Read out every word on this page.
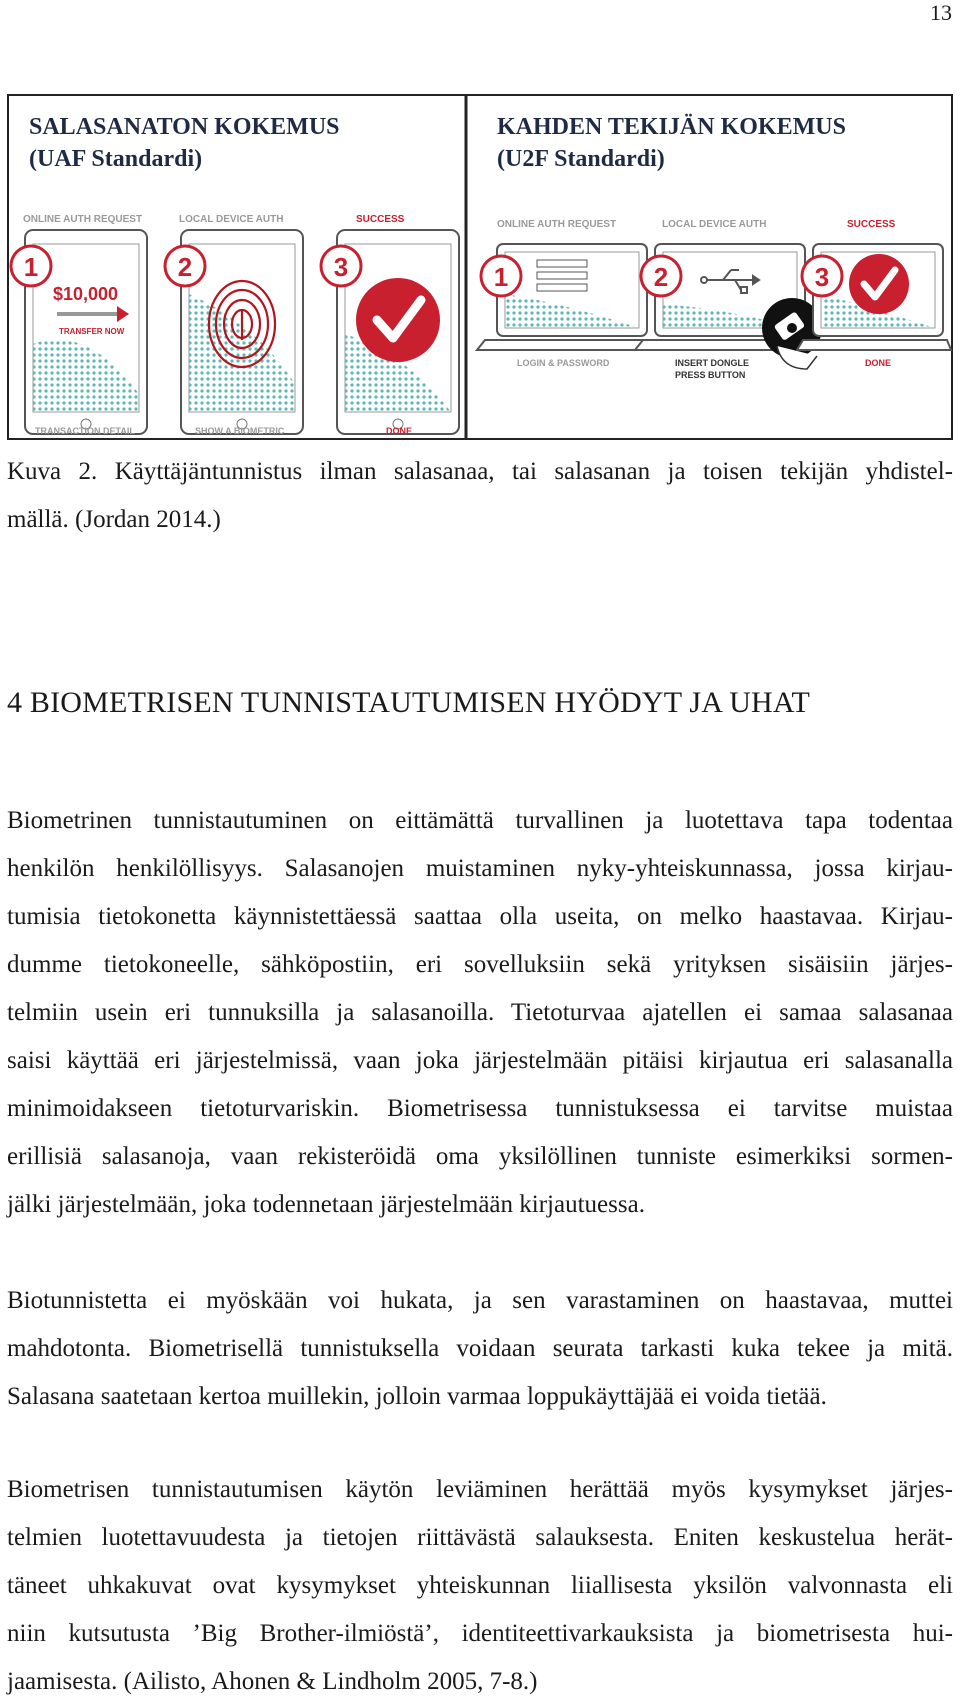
13
SALASANATON KOKEMUS
(UAF Standardi)
ONLINE AUTH REQUEST	LOCAL DEVICE AUTH	SUCCESS
$10,000
TRANSFER NOW
1	2	3
TRANSACTION DETAIL	SHOW A BIOMETRIC	DONE
KAHDEN TEKIJÄN KOKEMUS
(U2F Standardi)
ONLINE AUTH REQUEST	LOCAL DEVICE AUTH	SUCCESS
1	2	3
LOGIN & PASSWORD	INSERT DONGLE
PRESS BUTTON
DONE
Kuva 2. Käyttäjäntunnistus ilman salasanaa, tai salasanan ja toisen tekijän yhdistel-
mällä. (Jordan 2014.)
4 BIOMETRISEN TUNNISTAUTUMISEN HYÖDYT JA UHAT
Biometrinen tunnistautuminen on eittämättä turvallinen ja luotettava tapa todentaa
henkilön henkilöllisyys. Salasanojen muistaminen nyky-yhteiskunnassa, jossa kirjau-
tumisia tietokonetta käynnistettäessä saattaa olla useita, on melko haastavaa. Kirjau-
dumme tietokoneelle, sähköpostiin, eri sovelluksiin sekä yrityksen sisäisiin järjes-
telmiin usein eri tunnuksilla ja salasanoilla. Tietoturvaa ajatellen ei samaa salasanaa
saisi käyttää eri järjestelmissä, vaan joka järjestelmään pitäisi kirjautua eri salasanalla
minimoidakseen tietoturvariskin. Biometrisessa tunnistuksessa ei tarvitse muistaa
erillisiä salasanoja, vaan rekisteröidä oma yksilöllinen tunniste esimerkiksi sormen-
jälki järjestelmään, joka todennetaan järjestelmään kirjautuessa.
Biotunnistetta ei myöskään voi hukata, ja sen varastaminen on haastavaa, muttei
mahdotonta. Biometrisellä tunnistuksella voidaan seurata tarkasti kuka tekee ja mitä.
Salasana saatetaan kertoa muillekin, jolloin varmaa loppukäyttäjää ei voida tietää.
Biometrisen tunnistautumisen käytön leviäminen herättää myös kysymykset järjes-
telmien luotettavuudesta ja tietojen riittävästä salauksesta. Eniten keskustelua herät-
täneet uhkakuvat ovat kysymykset yhteiskunnan liiallisesta yksilön valvonnasta eli
niin kutsutusta ’Big Brother-ilmiöstä’, identiteettivarkauksista ja biometrisesta hui-
jaamisesta. (Ailisto, Ahonen & Lindholm 2005, 7-8.)
